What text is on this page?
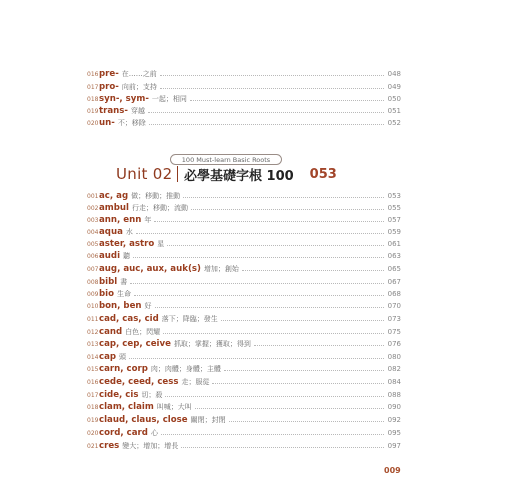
016 pre- 在……之前	048
017 pro- 向前；支持	049
018 syn-, sym- 一起；相同	050
019 trans- 穿越	051
020 un- 不；移除	052
100 Must-learn Basic Roots
Unit 02 必學基礎字根 100 053
001 ac, ag 做；移動；推動	053
002 ambul 行走；移動；流動	055
003 ann, enn 年	057
004 aqua 水	059
005 aster, astro 星	061
006 audi 聽	063
007 aug, auc, aux, auk(s) 增加；創始	065
008 bibl 書	067
009 bio 生命	068
010 bon, ben 好	070
011 cad, cas, cid 落下；降臨；發生	073
012 cand 白色；閃耀	075
013 cap, cep, ceive 抓取；掌握；獲取；得到	076
014 cap 頭	080
015 carn, corp 肉；肉體；身體；主體	082
016 cede, ceed, cess 走；服從	084
017 cide, cis 切；殺	088
018 clam, claim 叫喊；大叫	090
019 claud, claus, close 關閉；封閉	092
020 cord, card 心	095
021 cres 變大；增加；增長	097
009
